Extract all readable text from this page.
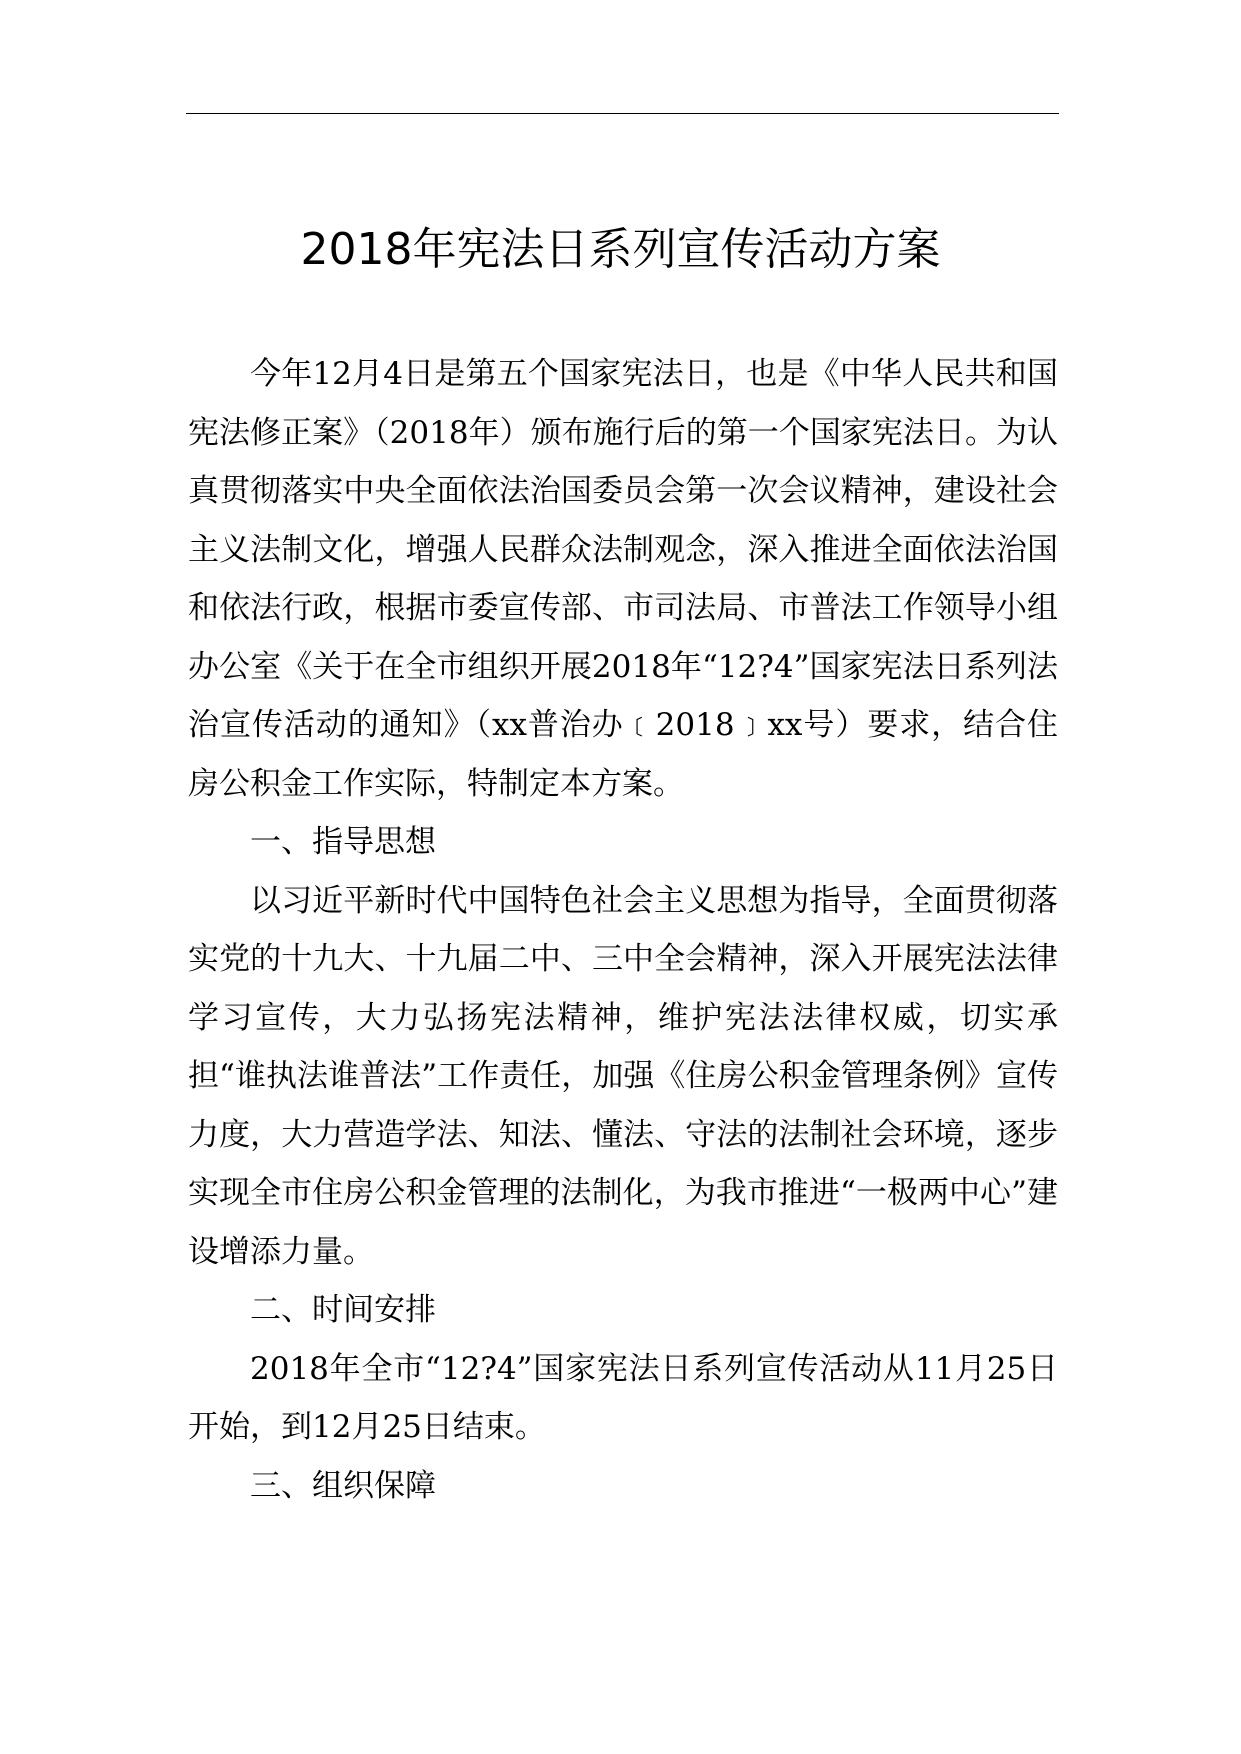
2018年宪法日系列宣传活动方案

今年12月4日是第五个国家宪法日，也是《中华人民共和国宪法修正案》（2018年）颁布施行后的第一个国家宪法日。为认真贯彻落实中央全面依法治国委员会第一次会议精神，建设社会主义法制文化，增强人民群众法制观念，深入推进全面依法治国和依法行政，根据市委宣传部、市司法局、市普法工作领导小组办公室《关于在全市组织开展2018年“12?4”国家宪法日系列法治宣传活动的通知》（xx普治办﹝2018﹞xx号）要求，结合住房公积金工作实际，特制定本方案。

一、指导思想

以习近平新时代中国特色社会主义思想为指导，全面贯彻落实党的十九大、十九届二中、三中全会精神，深入开展宪法法律学习宣传，大力弘扬宪法精神，维护宪法法律权威，切实承担“谁执法谁普法”工作责任，加强《住房公积金管理条例》宣传力度，大力营造学法、知法、懂法、守法的法制社会环境，逐步实现全市住房公积金管理的法制化，为我市推进“一极两中心”建设增添力量。

二、时间安排

2018年全市“12?4”国家宪法日系列宣传活动从11月25日开始，到12月25日结束。

三、组织保障
